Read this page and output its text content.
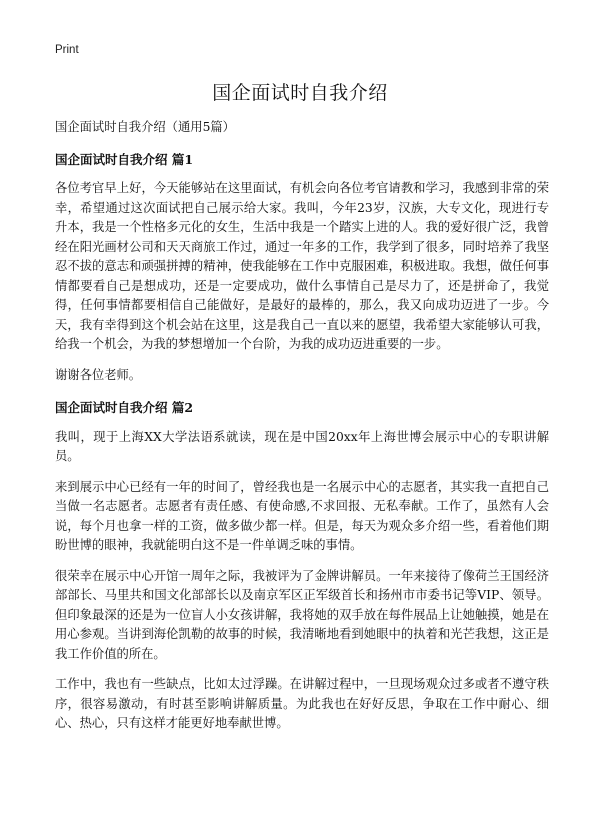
Print
国企面试时自我介绍

国企面试时自我介绍（通用5篇）

国企面试时自我介绍 篇1

各位考官早上好，今天能够站在这里面试，有机会向各位考官请教和学习，我感到非常的荣幸，希望通过这次面试把自己展示给大家。我叫，今年23岁，汉族，大专文化，现进行专升本，我是一个性格多元化的女生，生活中我是一个踏实上进的人。我的爱好很广泛，我曾经在阳光画材公司和天天商旅工作过，通过一年多的工作，我学到了很多，同时培养了我坚忍不拔的意志和顽强拼搏的精神，使我能够在工作中克服困难，积极进取。我想，做任何事情都要看自己是想成功，还是一定要成功，做什么事情自己是尽力了，还是拼命了，我觉得，任何事情都要相信自己能做好，是最好的最棒的，那么，我又向成功迈进了一步。今天，我有幸得到这个机会站在这里，这是我自己一直以来的愿望，我希望大家能够认可我，给我一个机会，为我的梦想增加一个台阶，为我的成功迈进重要的一步。

谢谢各位老师。

国企面试时自我介绍 篇2

我叫，现于上海XX大学法语系就读，现在是中国20xx年上海世博会展示中心的专职讲解员。

来到展示中心已经有一年的时间了，曾经我也是一名展示中心的志愿者，其实我一直把自己当做一名志愿者。志愿者有责任感、有使命感,不求回报、无私奉献。工作了，虽然有人会说，每个月也拿一样的工资，做多做少都一样。但是，每天为观众多介绍一些，看着他们期盼世博的眼神，我就能明白这不是一件单调乏味的事情。

很荣幸在展示中心开馆一周年之际，我被评为了金牌讲解员。一年来接待了像荷兰王国经济部部长、马里共和国文化部部长以及南京军区正军级首长和扬州市市委书记等VIP、领导。但印象最深的还是为一位盲人小女孩讲解，我将她的双手放在每件展品上让她触摸，她是在用心参观。当讲到海伦凯勒的故事的时候，我清晰地看到她眼中的执着和光芒我想，这正是我工作价值的所在。

工作中，我也有一些缺点，比如太过浮躁。在讲解过程中，一旦现场观众过多或者不遵守秩序，很容易激动，有时甚至影响讲解质量。为此我也在好好反思，争取在工作中耐心、细心、热心，只有这样才能更好地奉献世博。
